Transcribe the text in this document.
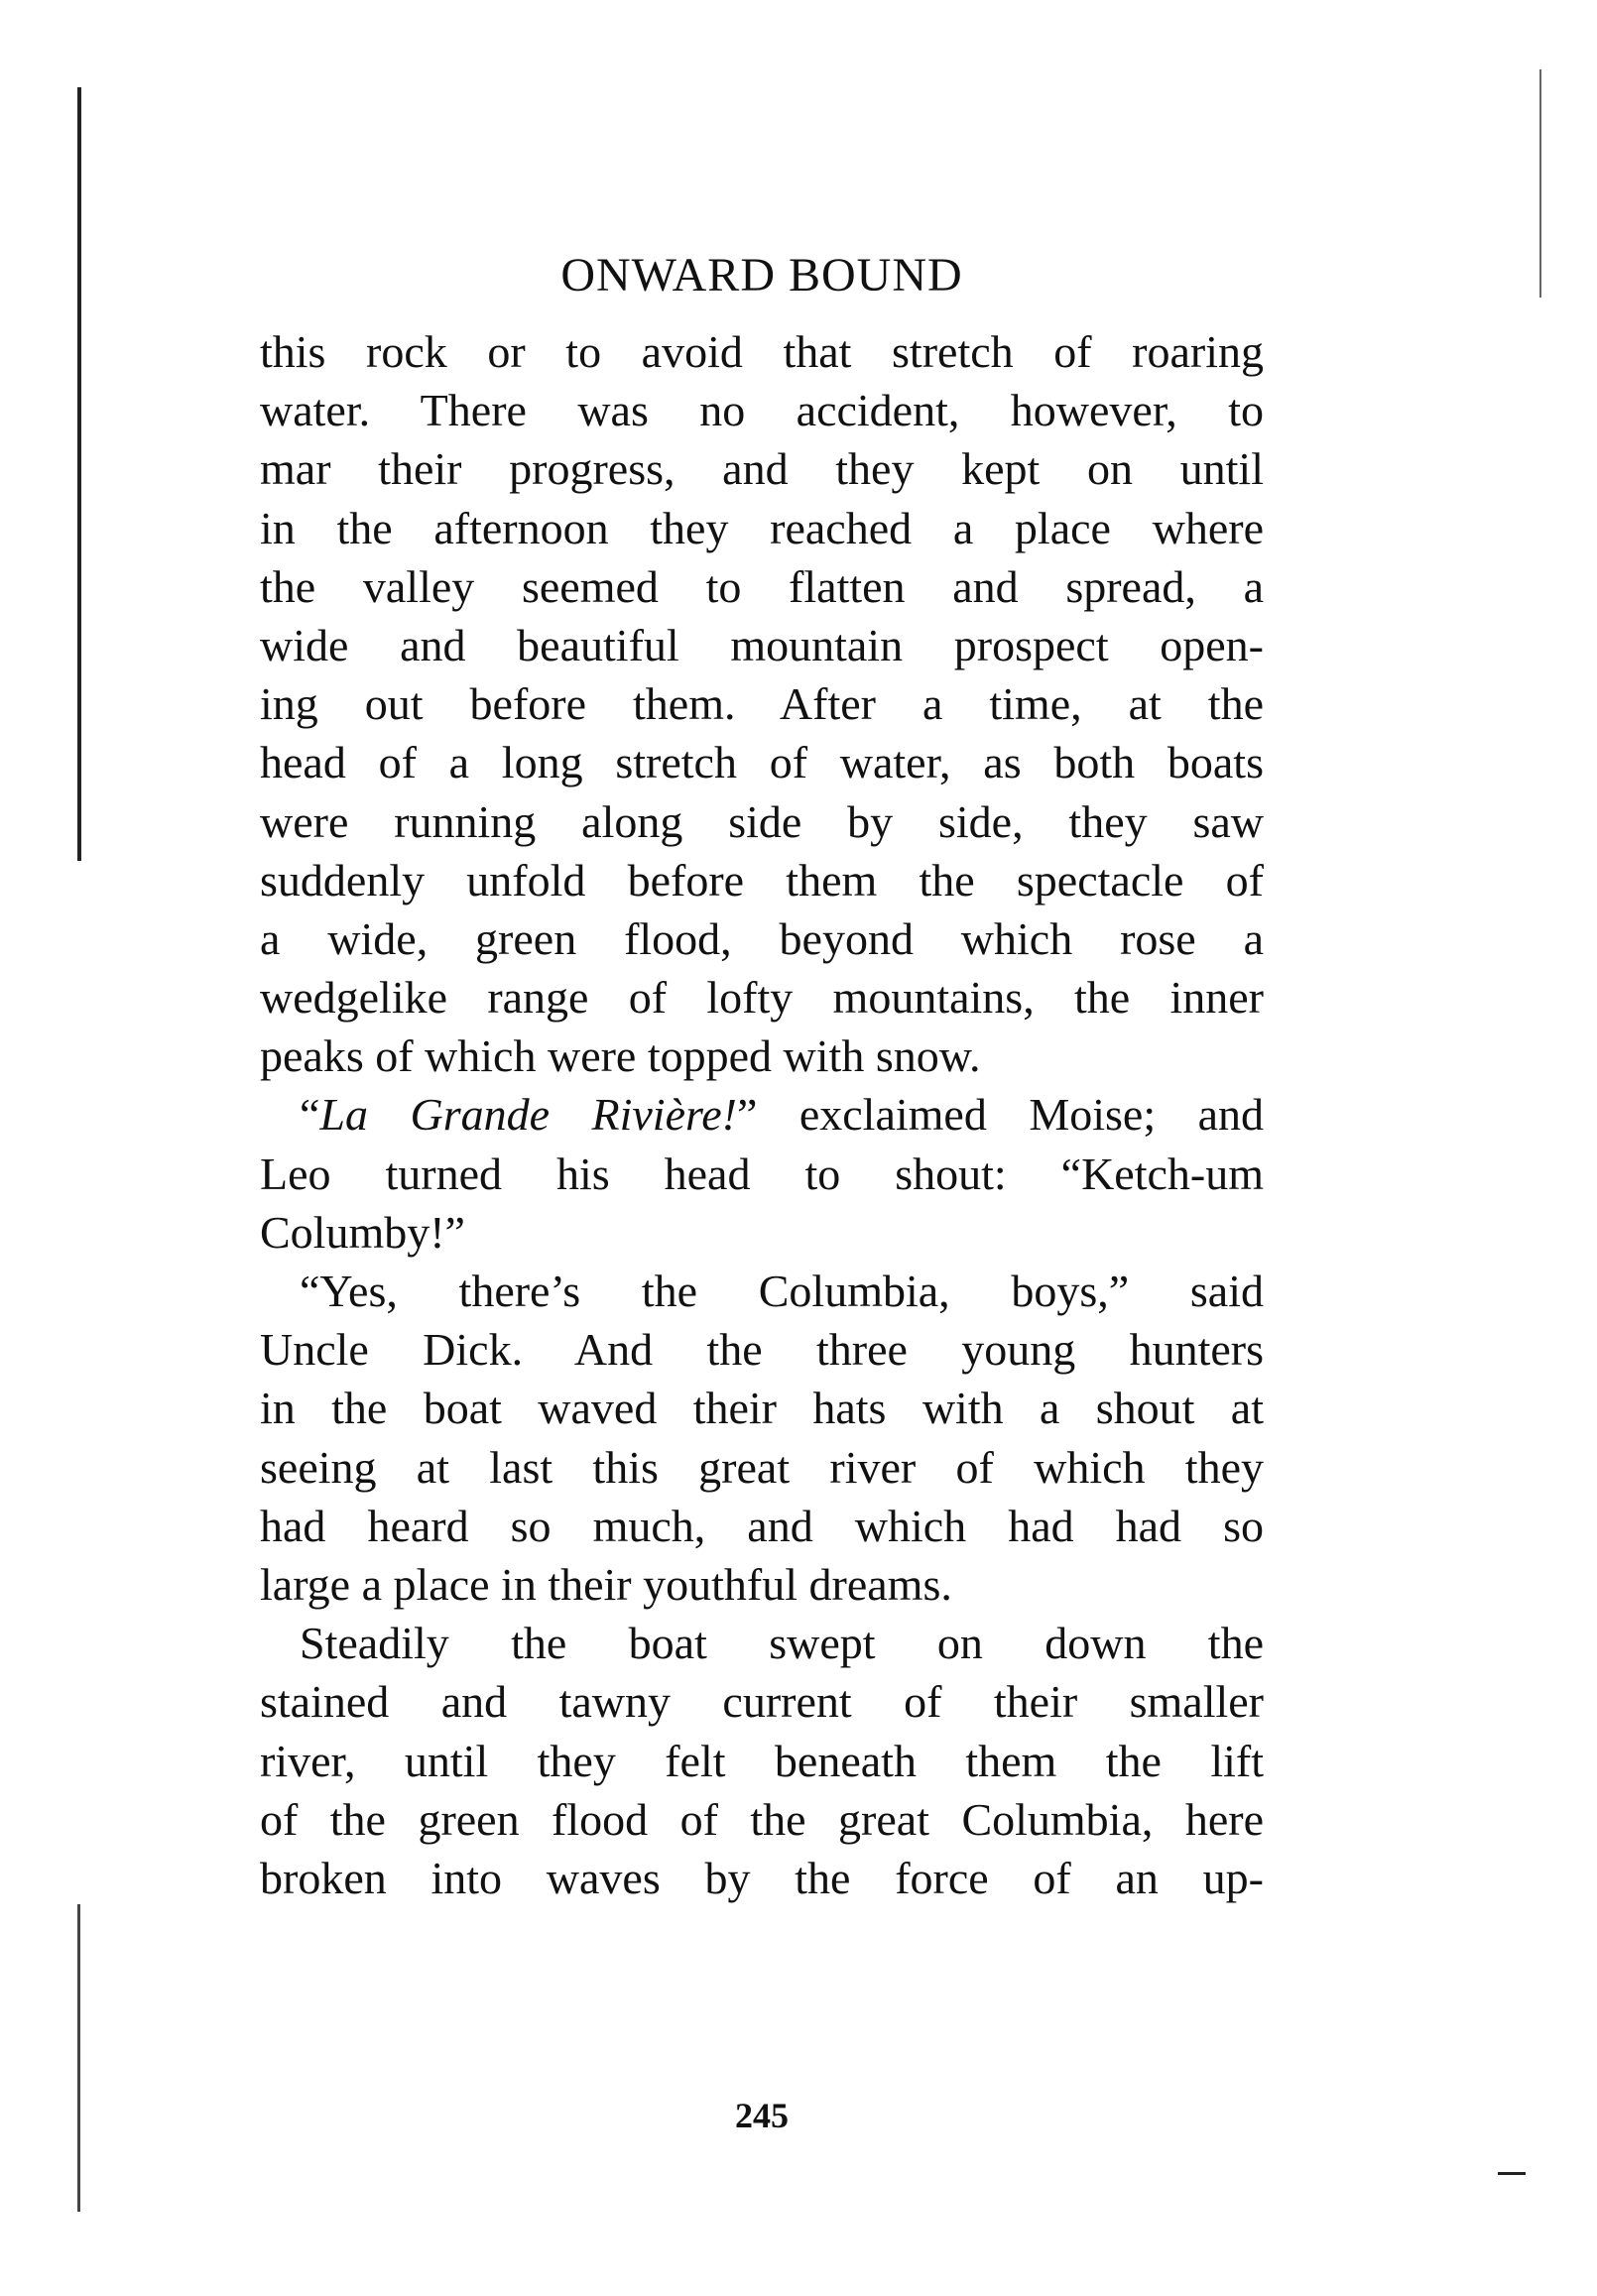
ONWARD BOUND

this rock or to avoid that stretch of roaring
water. There was no accident, however, to
mar their progress, and they kept on until
in the afternoon they reached a place where
the valley seemed to flatten and spread, a
wide and beautiful mountain prospect open-
ing out before them. After a time, at the
head of a long stretch of water, as both boats
were running along side by side, they saw
suddenly unfold before them the spectacle of
a wide, green flood, beyond which rose a
wedgelike range of lofty mountains, the inner
peaks of which were topped with snow.

“La Grande Rivière!” exclaimed Moise; and
Leo turned his head to shout: “Ketch-um
Columby!”

“Yes, there’s the Columbia, boys,” said
Uncle Dick. And the three young hunters
in the boat waved their hats with a shout at
seeing at last this great river of which they
had heard so much, and which had had so
large a place in their youthful dreams.

Steadily the boat swept on down the
stained and tawny current of their smaller
river, until they felt beneath them the lift
of the green flood of the great Columbia, here
broken into waves by the force of an up-

245
